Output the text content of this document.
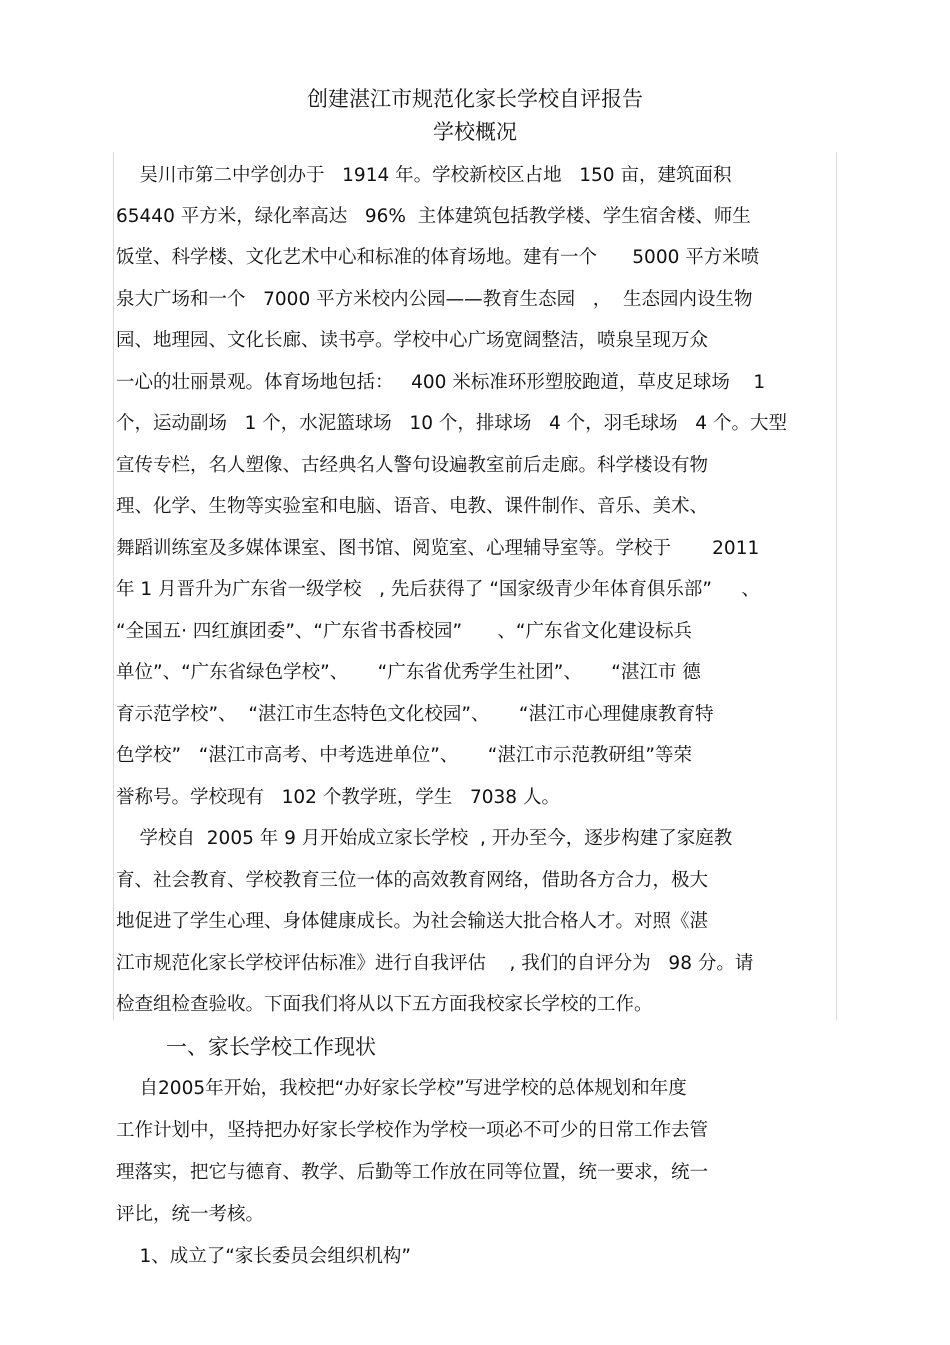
创建湛江市规范化家长学校自评报告
学校概况
吴川市第二中学创办于   1914 年。学校新校区占地   150 亩，建筑面积
65440 平方米，绿化率高达   96%  主体建筑包括教学楼、学生宿舍楼、师生
饭堂、科学楼、文化艺术中心和标准的体育场地。建有一个      5000 平方米喷
泉大广场和一个   7000 平方米校内公园——教育生态园   ，  生态园内设生物
园、地理园、文化长廊、读书亭。学校中心广场宽阔整洁，喷泉呈现万众
一心的壮丽景观。体育场地包括：   400 米标准环形塑胶跑道，草皮足球场    1
个，运动副场   1 个，水泥篮球场   10 个，排球场   4 个，羽毛球场   4 个。大型
宣传专栏，名人塑像、古经典名人警句设遍教室前后走廊。科学楼设有物
理、化学、生物等实验室和电脑、语音、电教、课件制作、音乐、美术、
舞蹈训练室及多媒体课室、图书馆、阅览室、心理辅导室等。学校于       2011
年 1 月晋升为广东省一级学校   , 先后获得了 “国家级青少年体育俱乐部”     、
“全国五· 四红旗团委”、“广东省书香校园”      、“广东省文化建设标兵
单位”、“广东省绿色学校”、     “广东省优秀学生社团”、     “湛江市 德
育示范学校”、  “湛江市生态特色文化校园”、     “湛江市心理健康教育特
色学校”   “湛江市高考、中考选进单位”、     “湛江市示范教研组”等荣
誉称号。学校现有   102 个教学班，学生   7038 人。
学校自  2005 年 9 月开始成立家长学校  , 开办至今，逐步构建了家庭教
育、社会教育、学校教育三位一体的高效教育网络，借助各方合力，极大
地促进了学生心理、身体健康成长。为社会输送大批合格人才。对照《湛
江市规范化家长学校评估标准》进行自我评估    , 我们的自评分为   98 分。请
检查组检查验收。下面我们将从以下五方面我校家长学校的工作。
一、家长学校工作现状
自2005年开始，我校把“办好家长学校”写进学校的总体规划和年度
工作计划中，坚持把办好家长学校作为学校一项必不可少的日常工作去管
理落实，把它与德育、教学、后勤等工作放在同等位置，统一要求，统一
评比，统一考核。
1、成立了“家长委员会组织机构”
